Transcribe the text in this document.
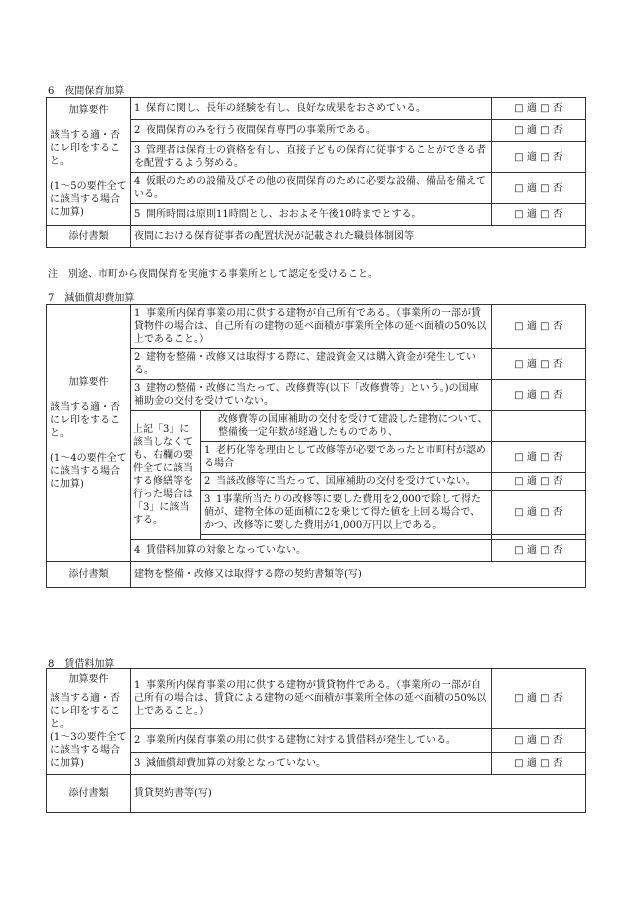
6　夜間保育加算
加算要件

該当する適・否にレ印をすること。

(1～5の要件全てに該当する場合に加算)	1 保育に関し、長年の経験を有し、良好な成果をおさめている。	□ 適 □ 否
	2 夜間保育のみを行う夜間保育専門の事業所である。	□ 適 □ 否
	3 管理者は保育士の資格を有し、直接子どもの保育に従事することができる者を配置するよう努める。	□ 適 □ 否
	4 仮眠のための設備及びその他の夜間保育のために必要な設備、備品を備えている。	□ 適 □ 否
	5 開所時間は原則11時間とし、おおよそ午後10時までとする。	□ 適 □ 否
添付書類	夜間における保育従事者の配置状況が記載された職員体制図等	
注　別途、市町から夜間保育を実施する事業所として認定を受けること。
7　減価償却費加算
加算要件

該当する適・否にレ印をすること。

(1～4の要件全てに該当する場合に加算)	1 事業所内保育事業の用に供する建物が自己所有である。（事業所の一部が賃貸物件の場合は、自己所有の建物の延べ面積が事業所全体の延べ面積の50%以上であること。）		□ 適 □ 否
	2 建物を整備・改修又は取得する際に、建設資金又は購入資金が発生している。		□ 適 □ 否
	3 建物の整備・改修に当たって、改修費等(以下「改修費等」という。)の国庫補助金の交付を受けていない。		□ 適 □ 否
	上記「3」に該当しなくても、右欄の要件全てに該当する修繕等を行った場合は「3」に該当する。	改修費等の国庫補助の交付を受けて建設した建物について、整備後一定年数が経過したものであり、	

		1 老朽化等を理由として改修等が必要であったと市町村が認める場合	□ 適 □ 否
		2 当該改修等に当たって、国庫補助の交付を受けていない。	□ 適 □ 否
		3 1事業所当たりの改修等に要した費用を2,000で除して得た値が、建物全体の延面積に2を乗じて得た値を上回る場合で、かつ、改修等に要した費用が1,000万円以上である。	□ 適 □ 否

	4 賃借料加算の対象となっていない。		□ 適 □ 否
添付書類	建物を整備・改修又は取得する際の契約書類等(写)		
8　賃借料加算
加算要件

該当する適・否にレ印をすること。

(1～3の要件全てに該当する場合に加算)	1 事業所内保育事業の用に供する建物が賃貸物件である。（事業所の一部が自己所有の場合は、賃貸による建物の延べ面積が事業所全体の延べ面積の50%以上であること。）	□ 適 □ 否
	2 事業所内保育事業の用に供する建物に対する賃借料が発生している。	□ 適 □ 否
	3 減価償却費加算の対象となっていない。	□ 適 □ 否
添付書類	賃貸契約書等(写)	
